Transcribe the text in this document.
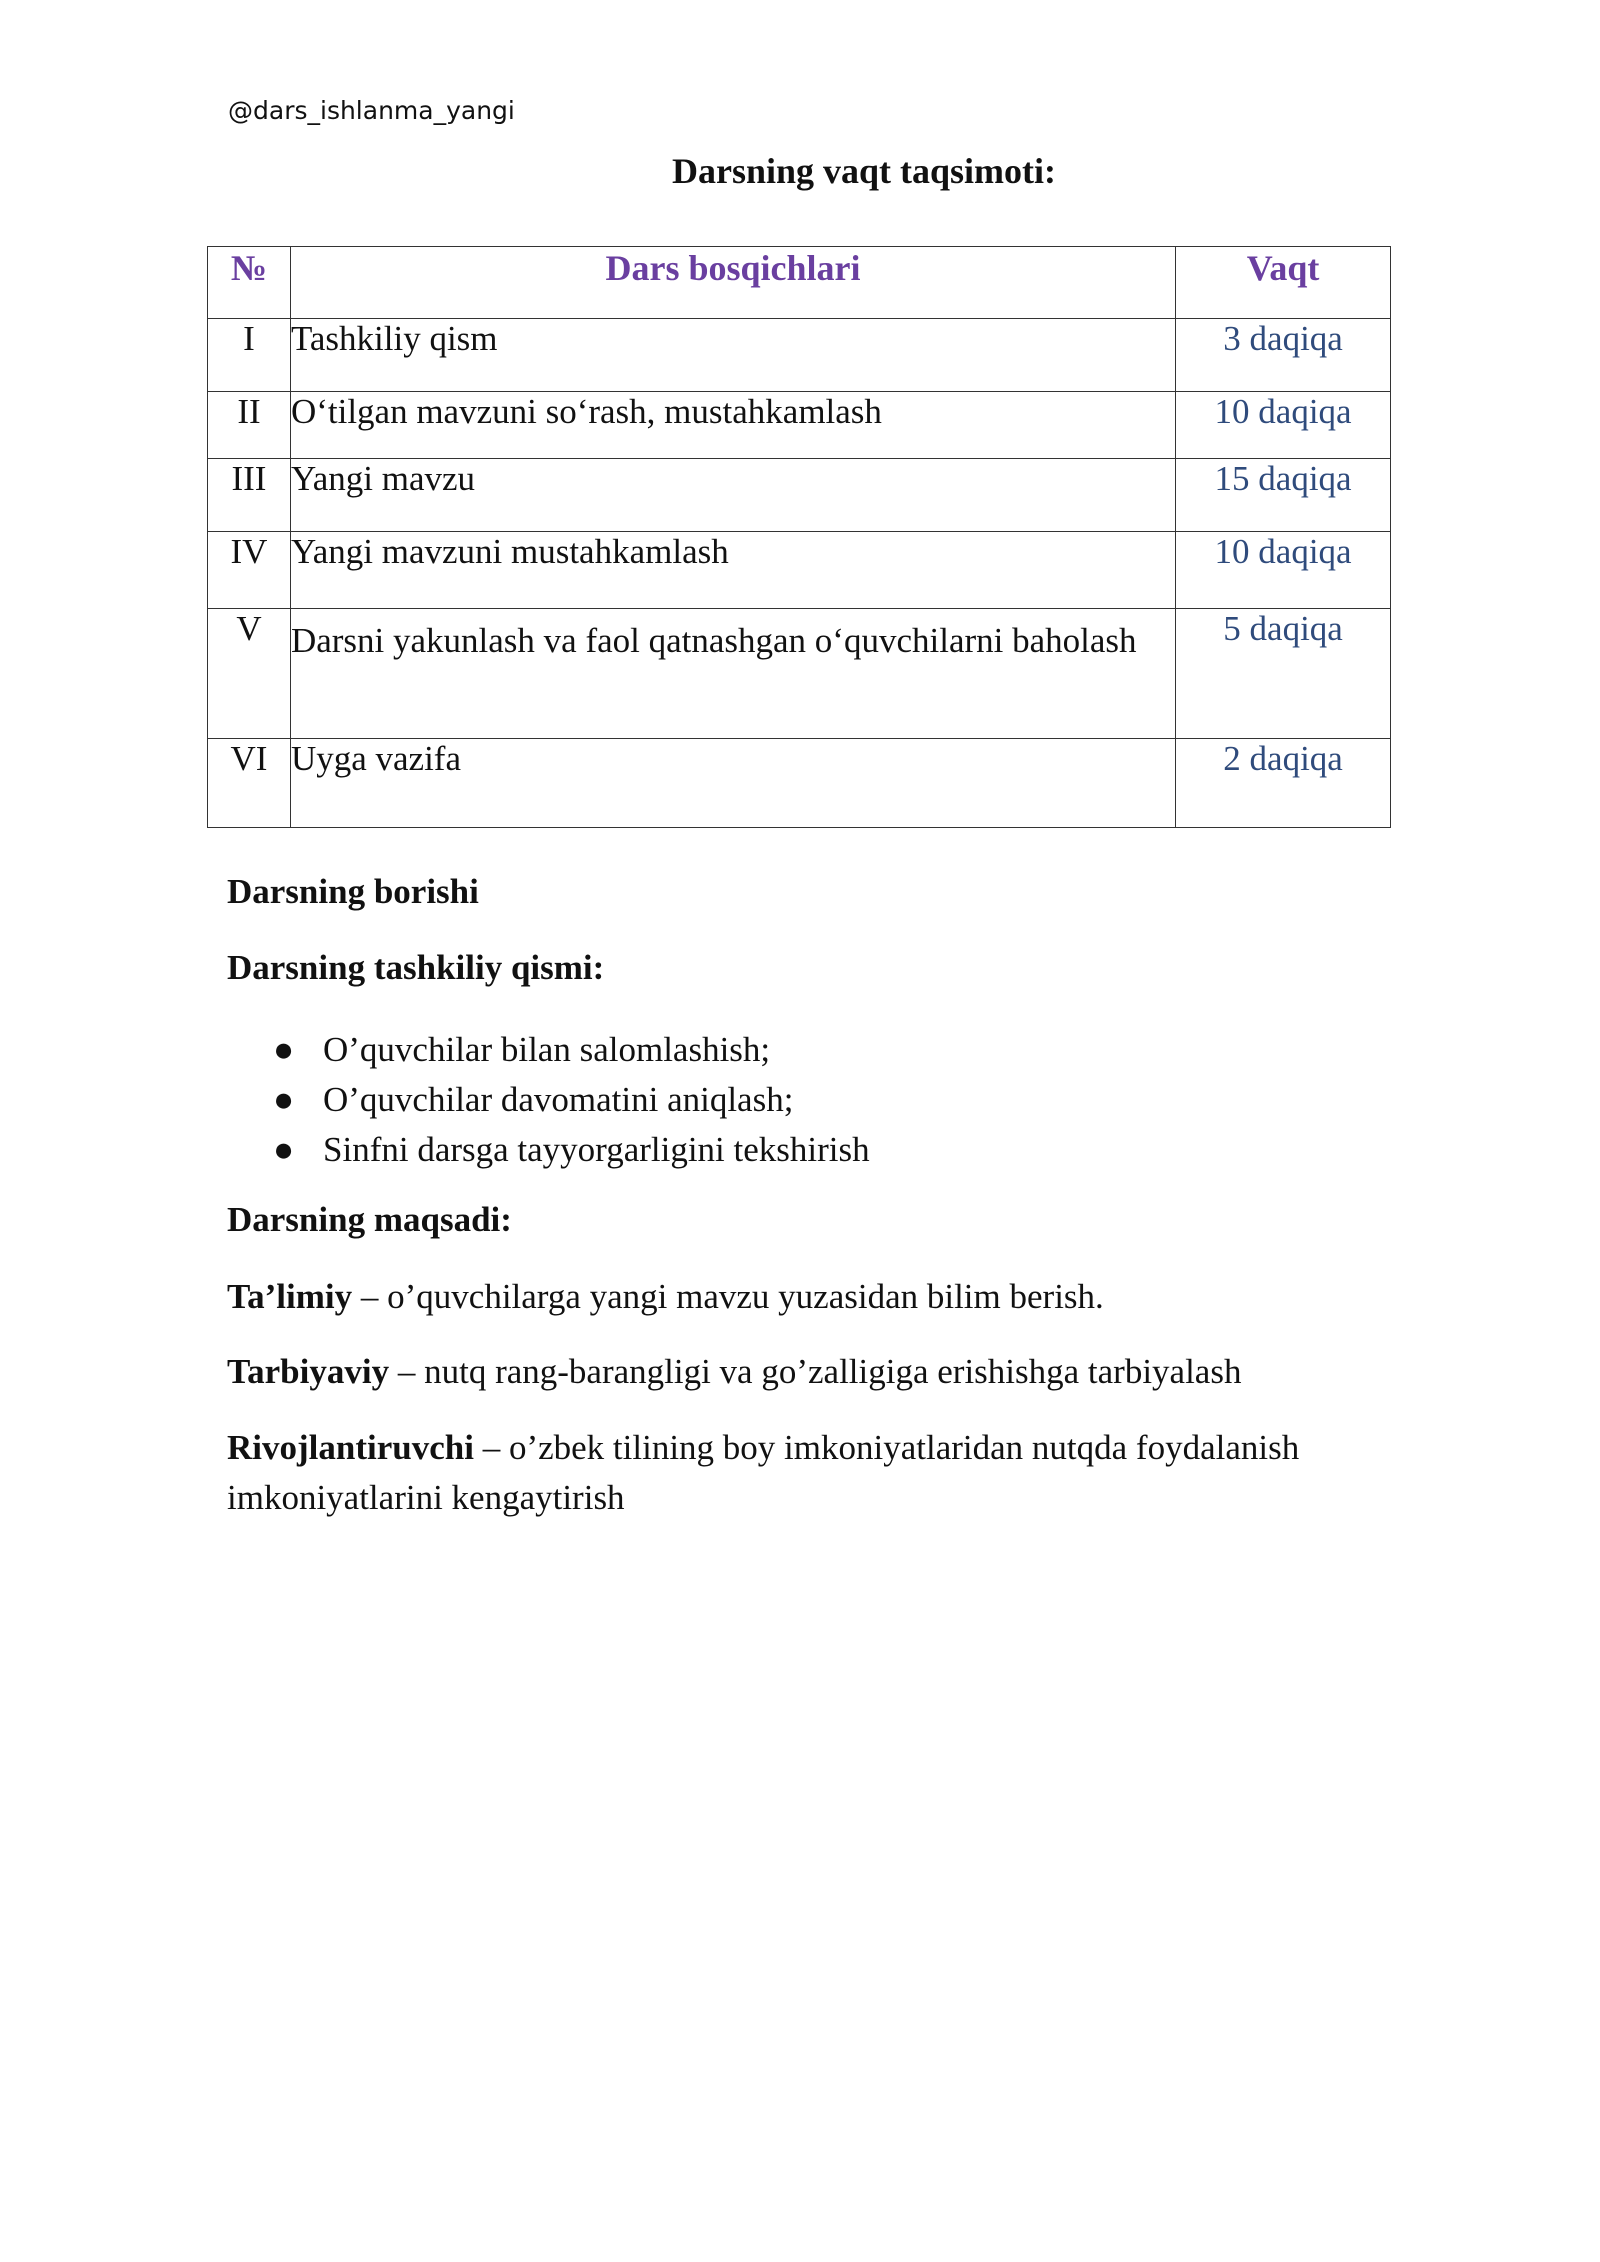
@dars_ishlanma_yangi
Darsning vaqt taqsimoti:
№	Dars bosqichlari	Vaqt
I	Tashkiliy qism	3 daqiqa
II	O‘tilgan mavzuni so‘rash, mustahkamlash	10 daqiqa
III	Yangi mavzu	15 daqiqa
IV	Yangi mavzuni mustahkamlash	10 daqiqa
V	Darsni yakunlash va faol qatnashgan o‘quvchilarni baholash	5 daqiqa
VI	Uyga vazifa	2 daqiqa
Darsning borishi
Darsning tashkiliy qismi:
● O’quvchilar bilan salomlashish;
● O’quvchilar davomatini aniqlash;
● Sinfni darsga tayyorgarligini tekshirish
Darsning maqsadi:

Ta’limiy – o’quvchilarga yangi mavzu yuzasidan bilim berish.

Tarbiyaviy – nutq rang-barangligi va go’zalligiga erishishga tarbiyalash

Rivojlantiruvchi – o’zbek tilining boy imkoniyatlaridan nutqda foydalanish imkoniyatlarini kengaytirish
